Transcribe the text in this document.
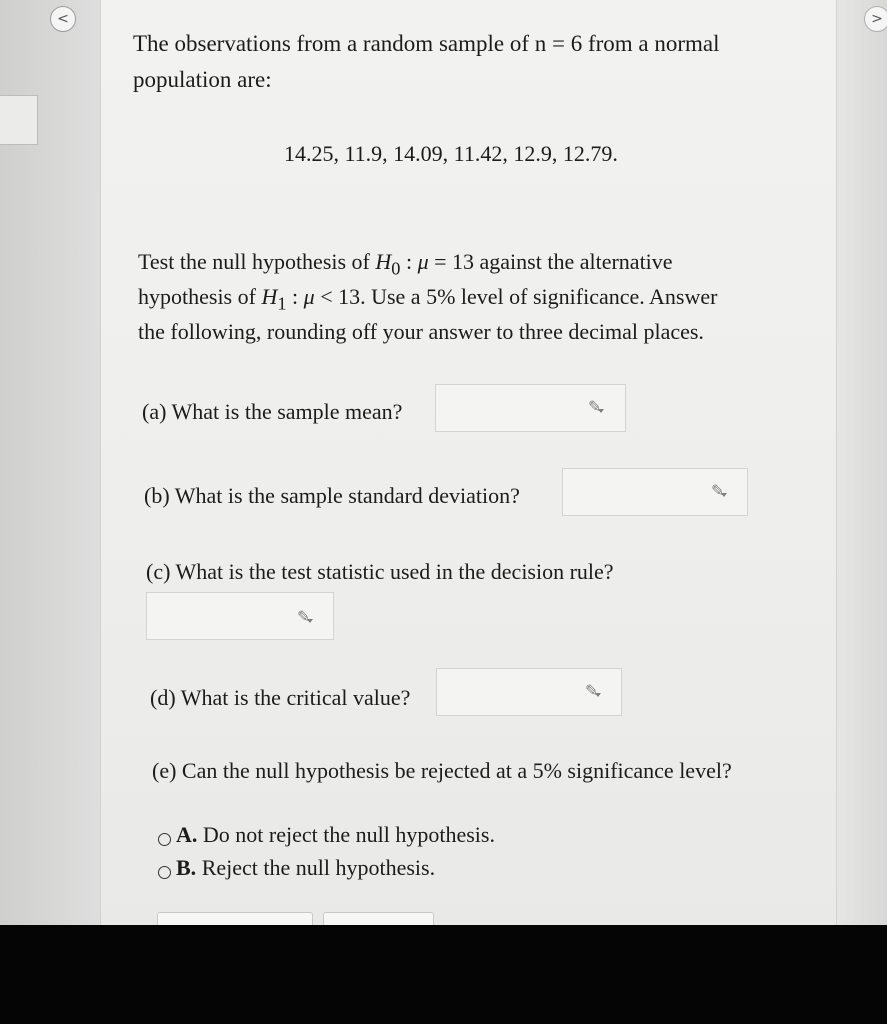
<	>
The observations from a random sample of n = 6 from a normal
population are:
14.25, 11.9, 14.09, 11.42, 12.9, 12.79.
Test the null hypothesis of $H_0$ : μ = 13 against the alternative
hypothesis of $H_1$ : μ < 13. Use a 5% level of significance. Answer
the following, rounding off your answer to three decimal places.
(a) What is the sample mean?	✎
(b) What is the sample standard deviation?	✎
(c) What is the test statistic used in the decision rule?
✎
(d) What is the critical value?	✎
(e) Can the null hypothesis be rejected at a 5% significance level?
A. Do not reject the null hypothesis.
B. Reject the null hypothesis.
